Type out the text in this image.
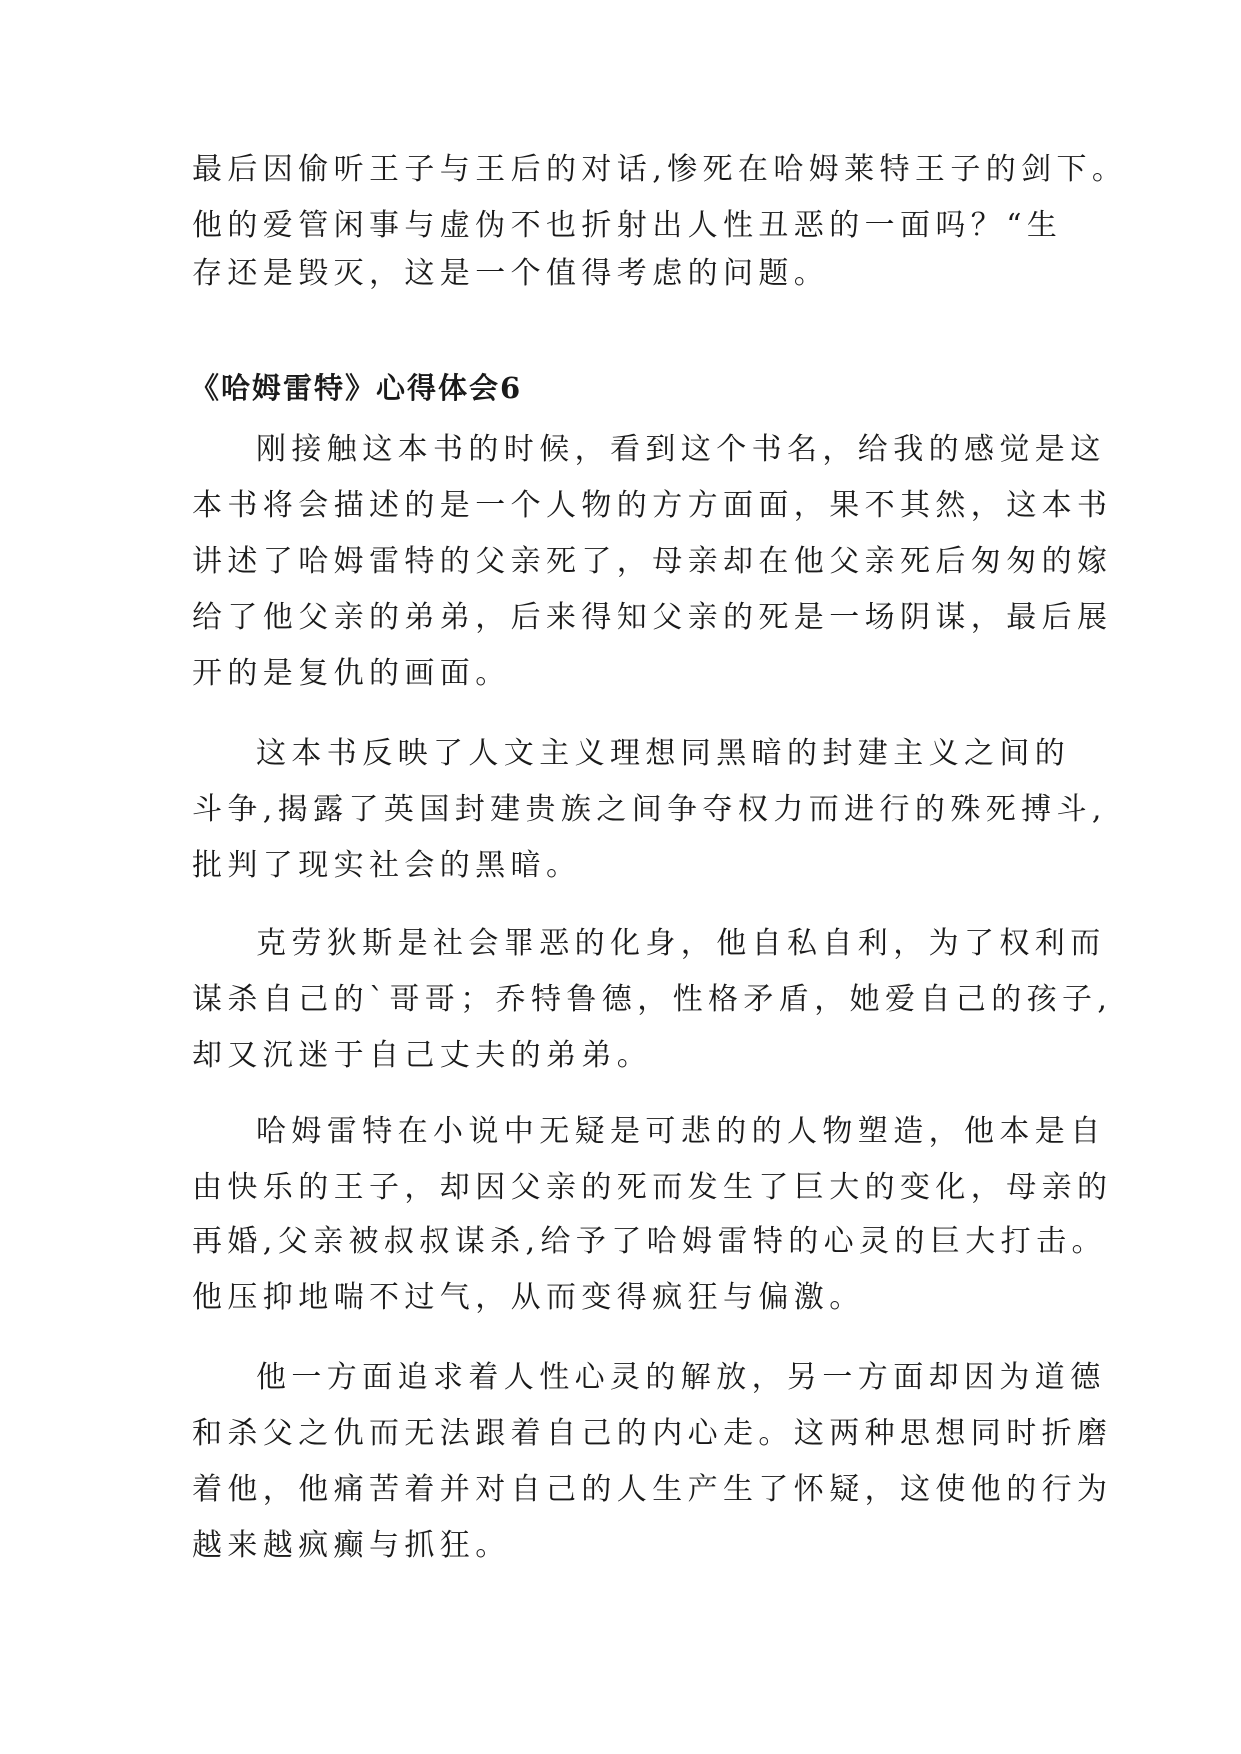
最后因偷听王子与王后的对话,惨死在哈姆莱特王子的剑下。

他的爱管闲事与虚伪不也折射出人性丑恶的一面吗？“生

存还是毁灭，这是一个值得考虑的问题。

《哈姆雷特》心得体会6

刚接触这本书的时候，看到这个书名，给我的感觉是这

本书将会描述的是一个人物的方方面面，果不其然，这本书

讲述了哈姆雷特的父亲死了，母亲却在他父亲死后匆匆的嫁

给了他父亲的弟弟，后来得知父亲的死是一场阴谋，最后展

开的是复仇的画面。

这本书反映了人文主义理想同黑暗的封建主义之间的

斗争,揭露了英国封建贵族之间争夺权力而进行的殊死搏斗,

批判了现实社会的黑暗。

克劳狄斯是社会罪恶的化身，他自私自利，为了权利而

谋杀自己的`哥哥；乔特鲁德，性格矛盾，她爱自己的孩子,

却又沉迷于自己丈夫的弟弟。

哈姆雷特在小说中无疑是可悲的的人物塑造，他本是自

由快乐的王子，却因父亲的死而发生了巨大的变化，母亲的

再婚,父亲被叔叔谋杀,给予了哈姆雷特的心灵的巨大打击。

他压抑地喘不过气，从而变得疯狂与偏激。

他一方面追求着人性心灵的解放，另一方面却因为道德

和杀父之仇而无法跟着自己的内心走。这两种思想同时折磨

着他，他痛苦着并对自己的人生产生了怀疑，这使他的行为

越来越疯癫与抓狂。
